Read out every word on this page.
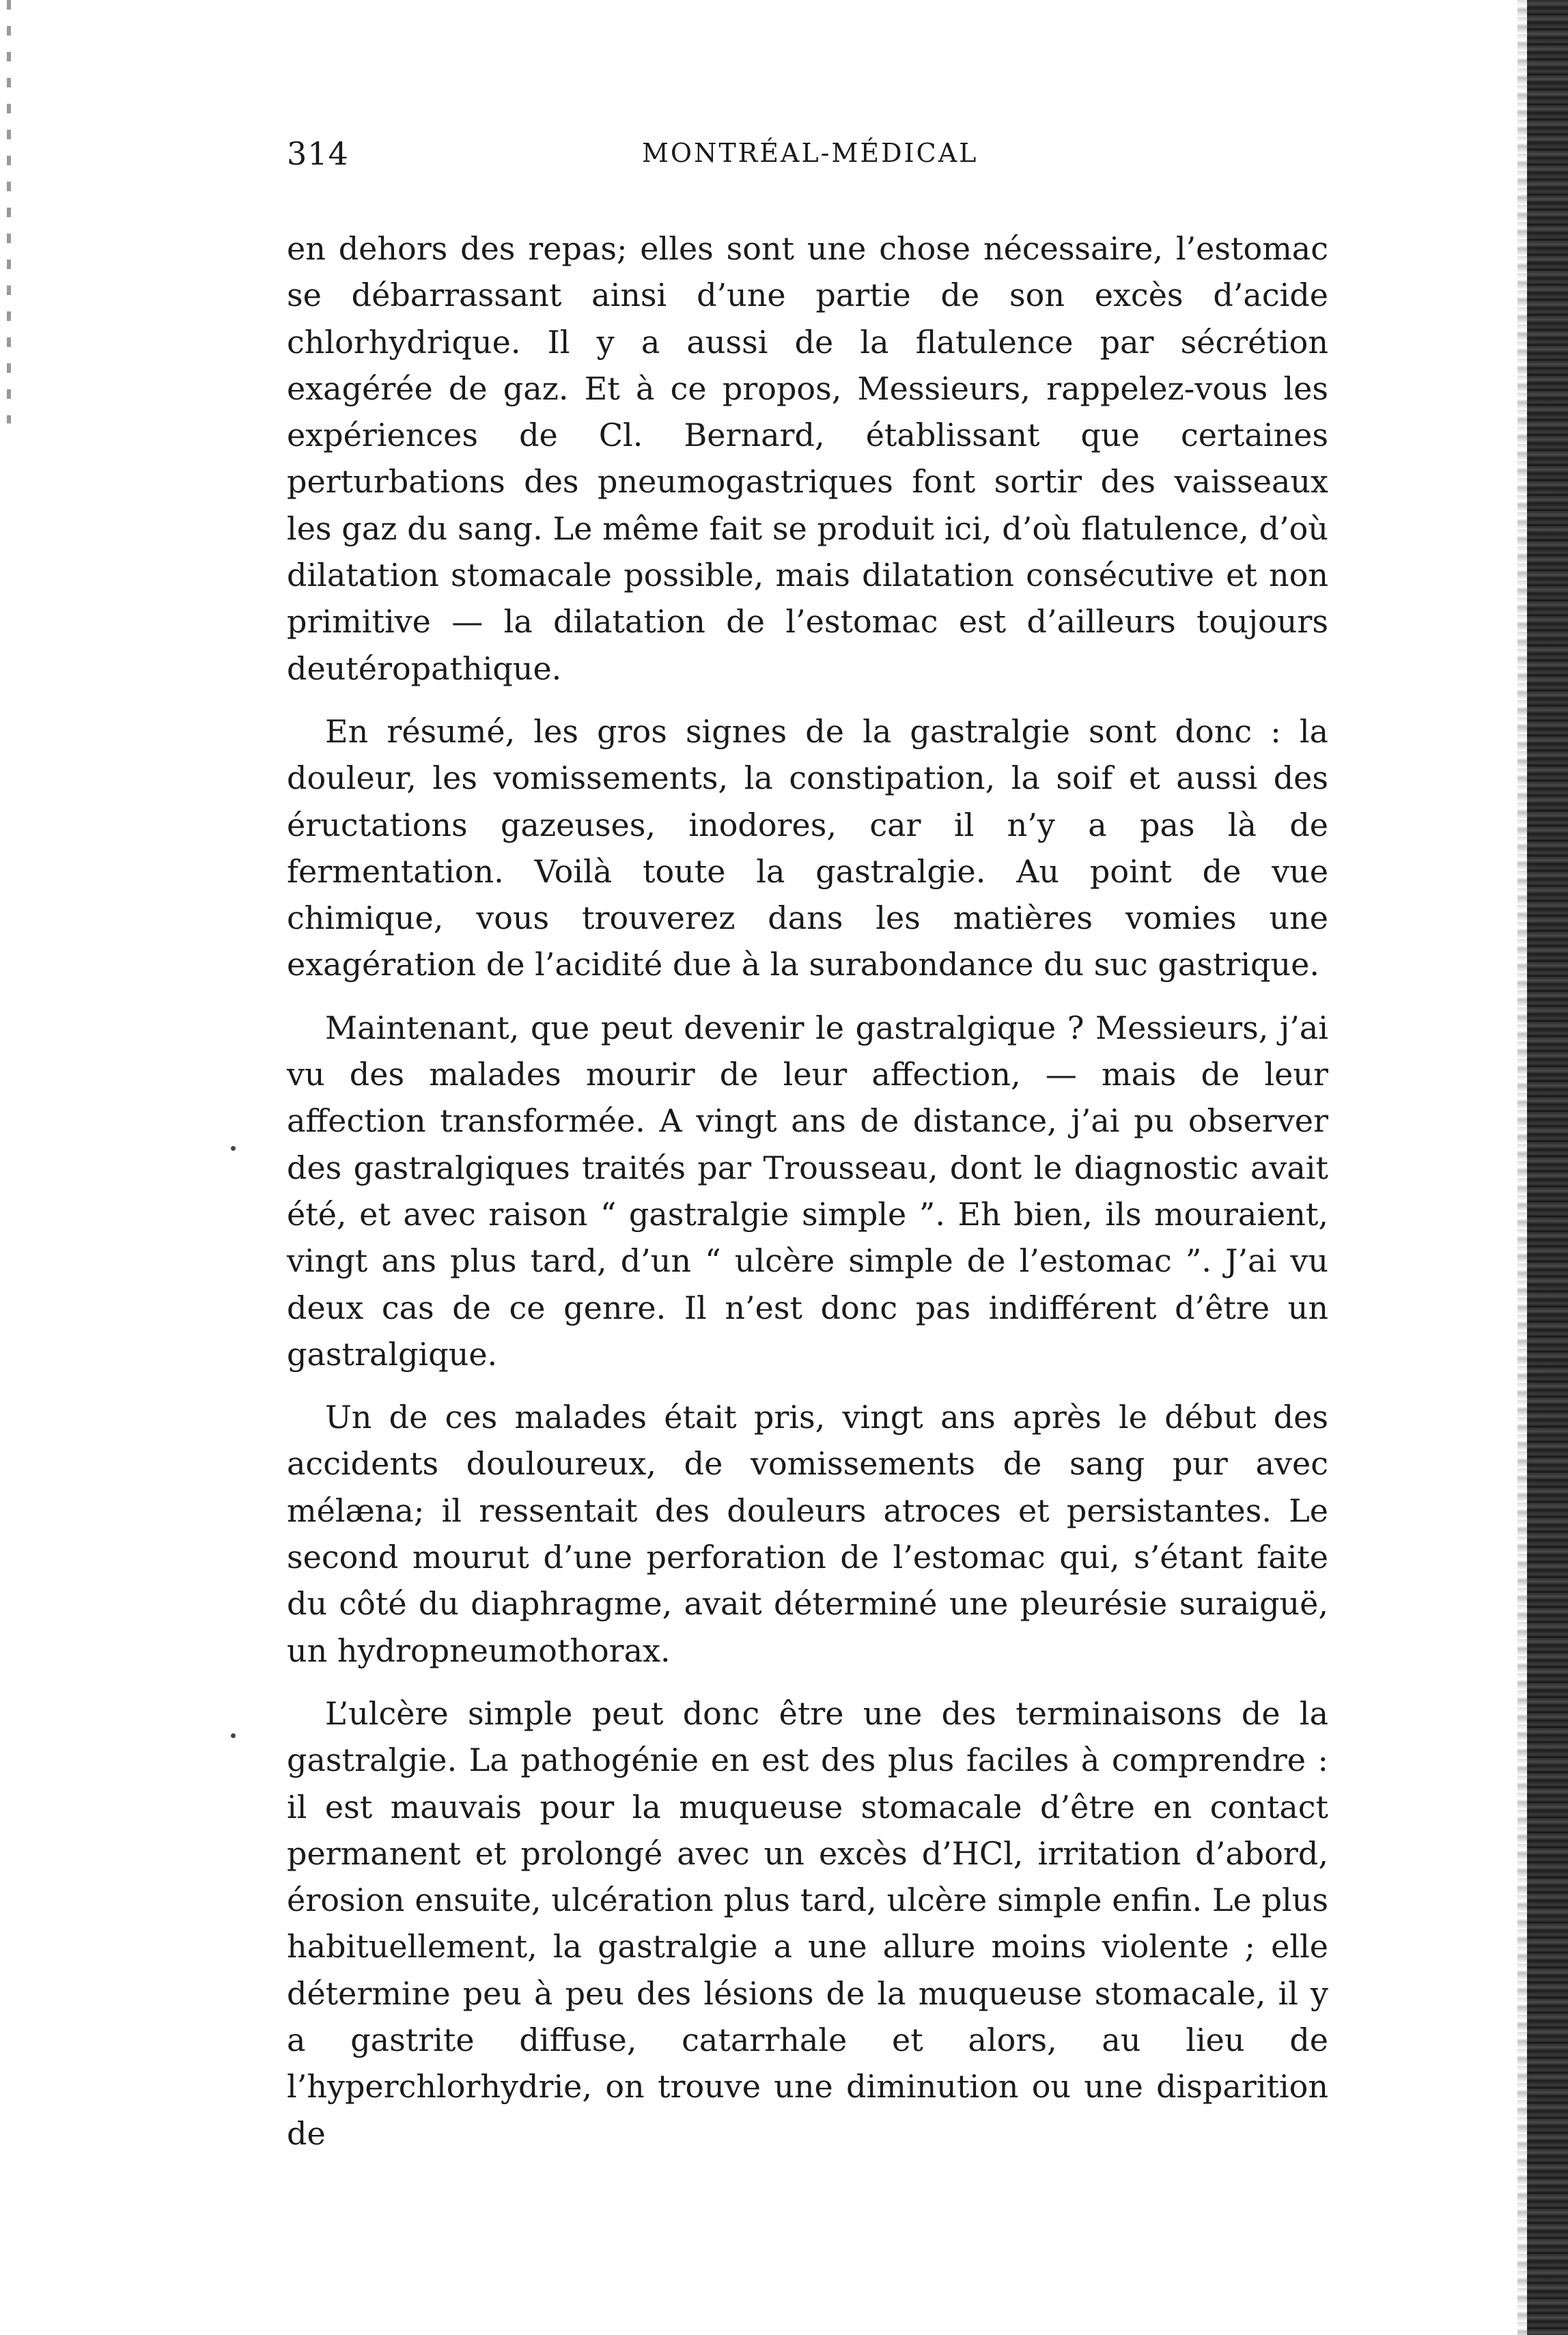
314	MONTRÉAL-MÉDICAL

en dehors des repas; elles sont une chose nécessaire, l’estomac se débarrassant ainsi d’une partie de son excès d’acide chlorhydrique. Il y a aussi de la flatulence par sécrétion exagérée de gaz. Et à ce propos, Messieurs, rappelez-vous les expériences de Cl. Bernard, établissant que certaines perturbations des pneumogastriques font sortir des vaisseaux les gaz du sang. Le même fait se produit ici, d’où flatulence, d’où dilatation stomacale possible, mais dilatation consécutive et non primitive — la dilatation de l’estomac est d’ailleurs toujours deutéropathique.

En résumé, les gros signes de la gastralgie sont donc : la douleur, les vomissements, la constipation, la soif et aussi des éructations gazeuses, inodores, car il n’y a pas là de fermentation. Voilà toute la gastralgie. Au point de vue chimique, vous trouverez dans les matières vomies une exagération de l’acidité due à la surabondance du suc gastrique.

Maintenant, que peut devenir le gastralgique ? Messieurs, j’ai vu des malades mourir de leur affection, — mais de leur affection transformée. A vingt ans de distance, j’ai pu observer des gastralgiques traités par Trousseau, dont le diagnostic avait été, et avec raison “ gastralgie simple ”. Eh bien, ils mouraient, vingt ans plus tard, d’un “ ulcère simple de l’estomac ”. J’ai vu deux cas de ce genre. Il n’est donc pas indifférent d’être un gastralgique.

Un de ces malades était pris, vingt ans après le début des accidents douloureux, de vomissements de sang pur avec mélæna; il ressentait des douleurs atroces et persistantes. Le second mourut d’une perforation de l’estomac qui, s’étant faite du côté du diaphragme, avait déterminé une pleurésie suraiguë, un hydropneumothorax.

L’ulcère simple peut donc être une des terminaisons de la gastralgie. La pathogénie en est des plus faciles à comprendre : il est mauvais pour la muqueuse stomacale d’être en contact permanent et prolongé avec un excès d’HCl, irritation d’abord, érosion ensuite, ulcération plus tard, ulcère simple enfin. Le plus habituellement, la gastralgie a une allure moins violente ; elle détermine peu à peu des lésions de la muqueuse stomacale, il y a gastrite diffuse, catarrhale et alors, au lieu de l’hyperchlorhydrie, on trouve une diminution ou une disparition de
